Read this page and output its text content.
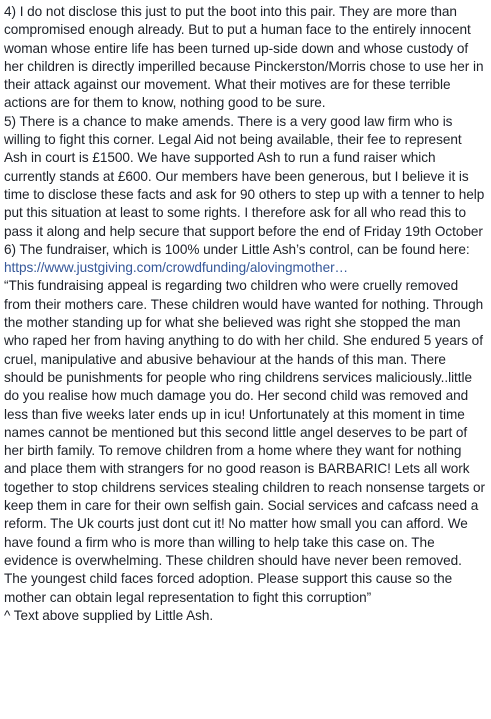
4) I do not disclose this just to put the boot into this pair. They are more than compromised enough already. But to put a human face to the entirely innocent woman whose entire life has been turned up-side down and whose custody of her children is directly imperilled because Pinckerston/Morris chose to use her in their attack against our movement. What their motives are for these terrible actions are for them to know, nothing good to be sure.

5) There is a chance to make amends. There is a very good law firm who is willing to fight this corner. Legal Aid not being available, their fee to represent Ash in court is £1500. We have supported Ash to run a fund raiser which currently stands at £600. Our members have been generous, but I believe it is time to disclose these facts and ask for 90 others to step up with a tenner to help put this situation at least to some rights. I therefore ask for all who read this to pass it along and help secure that support before the end of Friday 19th October

6) The fundraiser, which is 100% under Little Ash’s control, can be found here:

https://www.justgiving.com/crowdfunding/alovingmother…

“This fundraising appeal is regarding two children who were cruelly removed from their mothers care. These children would have wanted for nothing. Through the mother standing up for what she believed was right she stopped the man who raped her from having anything to do with her child. She endured 5 years of cruel, manipulative and abusive behaviour at the hands of this man. There should be punishments for people who ring childrens services maliciously..little do you realise how much damage you do. Her second child was removed and less than five weeks later ends up in icu! Unfortunately at this moment in time names cannot be mentioned but this second little angel deserves to be part of her birth family. To remove children from a home where they want for nothing and place them with strangers for no good reason is BARBARIC! Lets all work together to stop childrens services stealing children to reach nonsense targets or keep them in care for their own selfish gain. Social services and cafcass need a reform. The Uk courts just dont cut it! No matter how small you can afford. We have found a firm who is more than willing to help take this case on. The evidence is overwhelming. These children should have never been removed. The youngest child faces forced adoption. Please support this cause so the mother can obtain legal representation to fight this corruption”

^ Text above supplied by Little Ash.
